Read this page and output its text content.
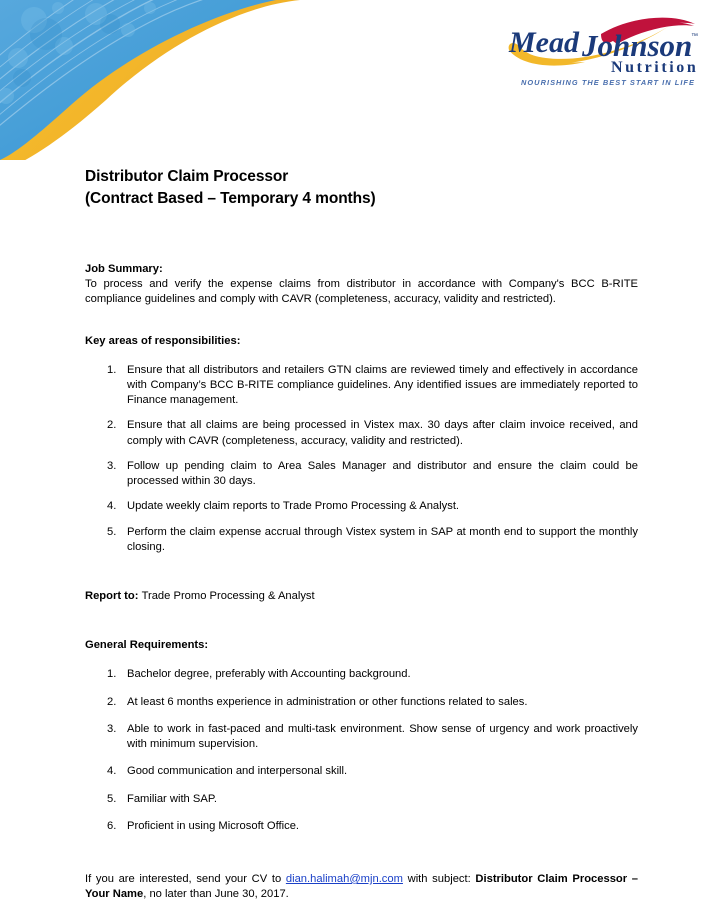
Mead Johnson
™
Nutrition
NOURISHING THE BEST START IN LIFE
Distributor Claim Processor
(Contract Based – Temporary 4 months)
Job Summary:

To process and verify the expense claims from distributor in accordance with Company's BCC B-RITE compliance guidelines and comply with CAVR (completeness, accuracy, validity and restricted).

Key areas of responsibilities:
1. Ensure that all distributors and retailers GTN claims are reviewed timely and effectively in accordance with Company’s BCC B-RITE compliance guidelines. Any identified issues are immediately reported to Finance management.
2. Ensure that all claims are being processed in Vistex max. 30 days after claim invoice received, and comply with CAVR (completeness, accuracy, validity and restricted).
3. Follow up pending claim to Area Sales Manager and distributor and ensure the claim could be processed within 30 days.
4. Update weekly claim reports to Trade Promo Processing & Analyst.
5. Perform the claim expense accrual through Vistex system in SAP at month end to support the monthly closing.

Report to: Trade Promo Processing & Analyst

General Requirements:
1. Bachelor degree, preferably with Accounting background.
2. At least 6 months experience in administration or other functions related to sales.
3. Able to work in fast-paced and multi-task environment. Show sense of urgency and work proactively with minimum supervision.
4. Good communication and interpersonal skill.
5. Familiar with SAP.
6. Proficient in using Microsoft Office.

If you are interested, send your CV to dian.halimah@mjn.com with subject: Distributor Claim Processor – Your Name, no later than June 30, 2017.
